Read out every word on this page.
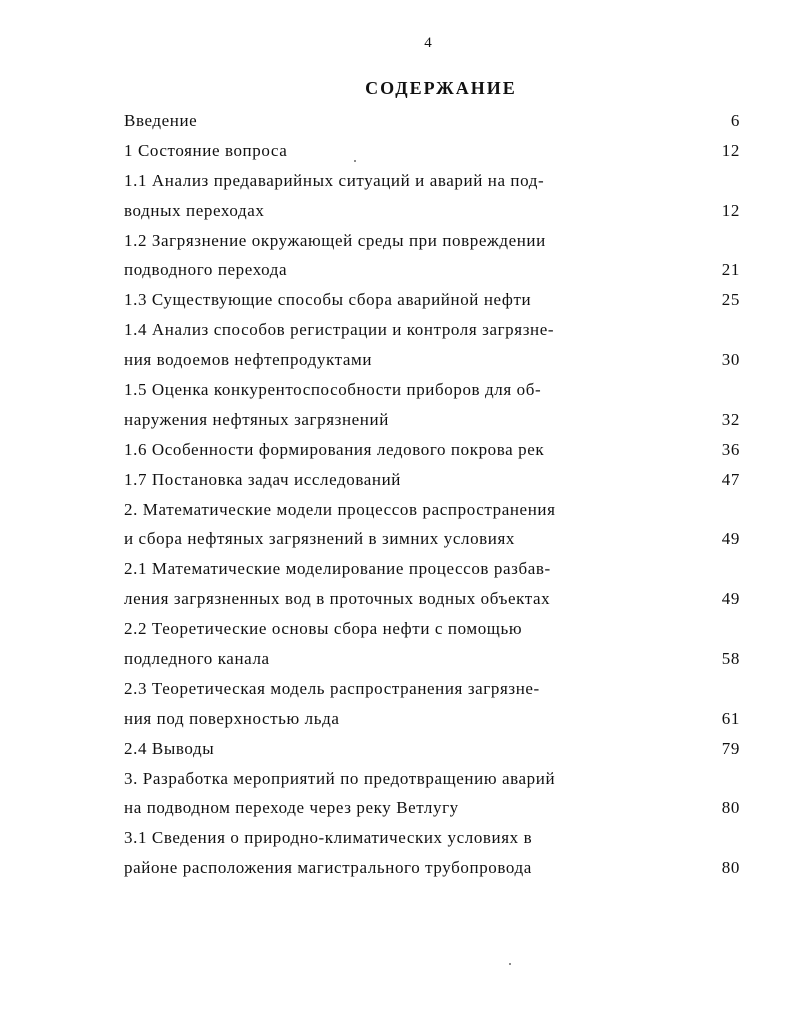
4
СОДЕРЖАНИЕ
Введение	6
1 Состояние вопроса	12
1.1 Анализ предаварийных ситуаций и аварий на под-
водных переходах	12
1.2 Загрязнение окружающей среды при повреждении
подводного перехода	21
1.3 Существующие способы сбора аварийной нефти	25
1.4 Анализ способов регистрации и контроля загрязне-
ния водоемов нефтепродуктами	30
1.5 Оценка конкурентоспособности приборов для об-
наружения нефтяных загрязнений	32
1.6 Особенности формирования ледового покрова рек	36
1.7 Постановка задач исследований	47
2. Математические модели процессов распространения
и сбора нефтяных загрязнений в зимних условиях	49
2.1 Математические моделирование процессов разбав-
ления загрязненных вод в проточных водных объектах	49
2.2 Теоретические основы сбора нефти с помощью
подледного канала	58
2.3 Теоретическая модель распространения загрязне-
ния под поверхностью льда	61
2.4 Выводы	79
3. Разработка мероприятий по предотвращению аварий
на подводном переходе через реку Ветлугу	80
3.1 Сведения о природно-климатических условиях в
районе расположения магистрального трубопровода	80
